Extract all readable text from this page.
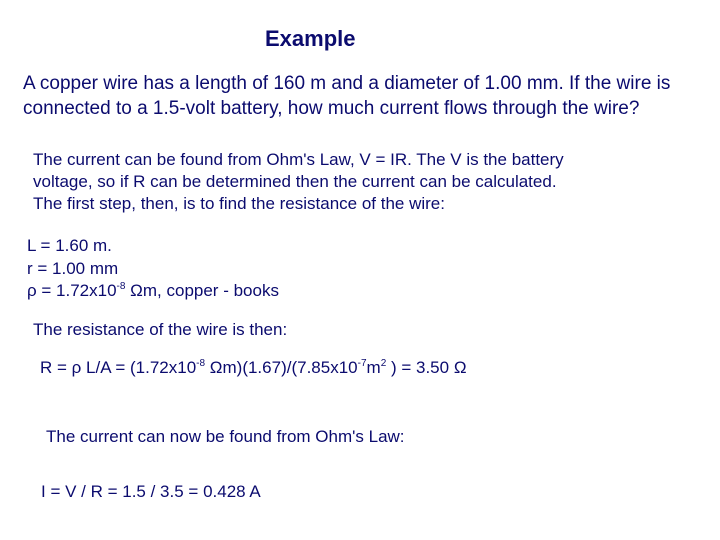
Example
A copper wire has a length of 160 m and a diameter of 1.00 mm. If the wire is
connected to a 1.5-volt battery, how much current flows through the wire?
The current can be found from Ohm's Law, V = IR. The V is the battery
voltage, so if R can be determined then the current can be calculated.
The first step, then, is to find the resistance of the wire:
L = 1.60 m.
r = 1.00 mm
$\rho = 1.72x10^{-8}$ Ωm, copper - books
The resistance of the wire is then:
R = ρ $L/A = (1.72x10^{-8}$ $\Omega m)(1.67)/(7.85x10^{-7}m^2$ ) = 3.50 Ω
The current can now be found from Ohm's Law:
I = V / R = 1.5 / 3.5 = 0.428 A
